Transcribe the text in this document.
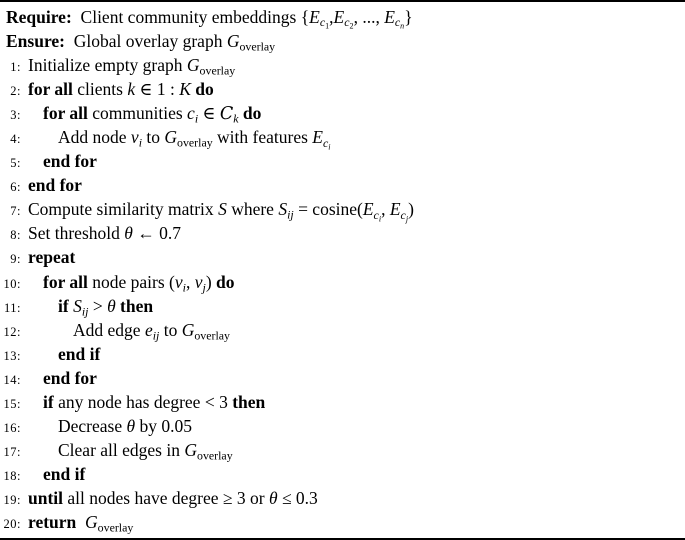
Require:  Client community embeddings {$E_{c_1},E_{c_2}$, ..., $E_{c_n}$}
Ensure:  Global overlay graph $G_{overlay}$
1: Initialize empty graph $G_{overlay}$
2: for all clients k ∈ 1 : K do
3: for all communities $c_i$ ∈ $C_k$ do
4: Add node $v_i$ to $G_{overlay}$ with features $E_{c_i}$
5: end for
6: end for
7: Compute similarity matrix S where $S_{ij} = cosine(E_{c_i}$, $E_{c_j}$)
8: Set threshold θ ← 0.7
9: repeat
10: for all node pairs ($v_i$, $v_j$) do
11: if $S_{ij} > \theta$ then
12:	Add edge $e_{ij}$ to $G_{overlay}$
13: end if
14: end for
15: if any node has degree < 3 then
16: Decrease θ by 0.05
17: Clear all edges in $G_{overlay}$
18: end if
19: until all nodes have degree ≥ 3 or θ ≤ 0.3
20: return $G_{overlay}$
